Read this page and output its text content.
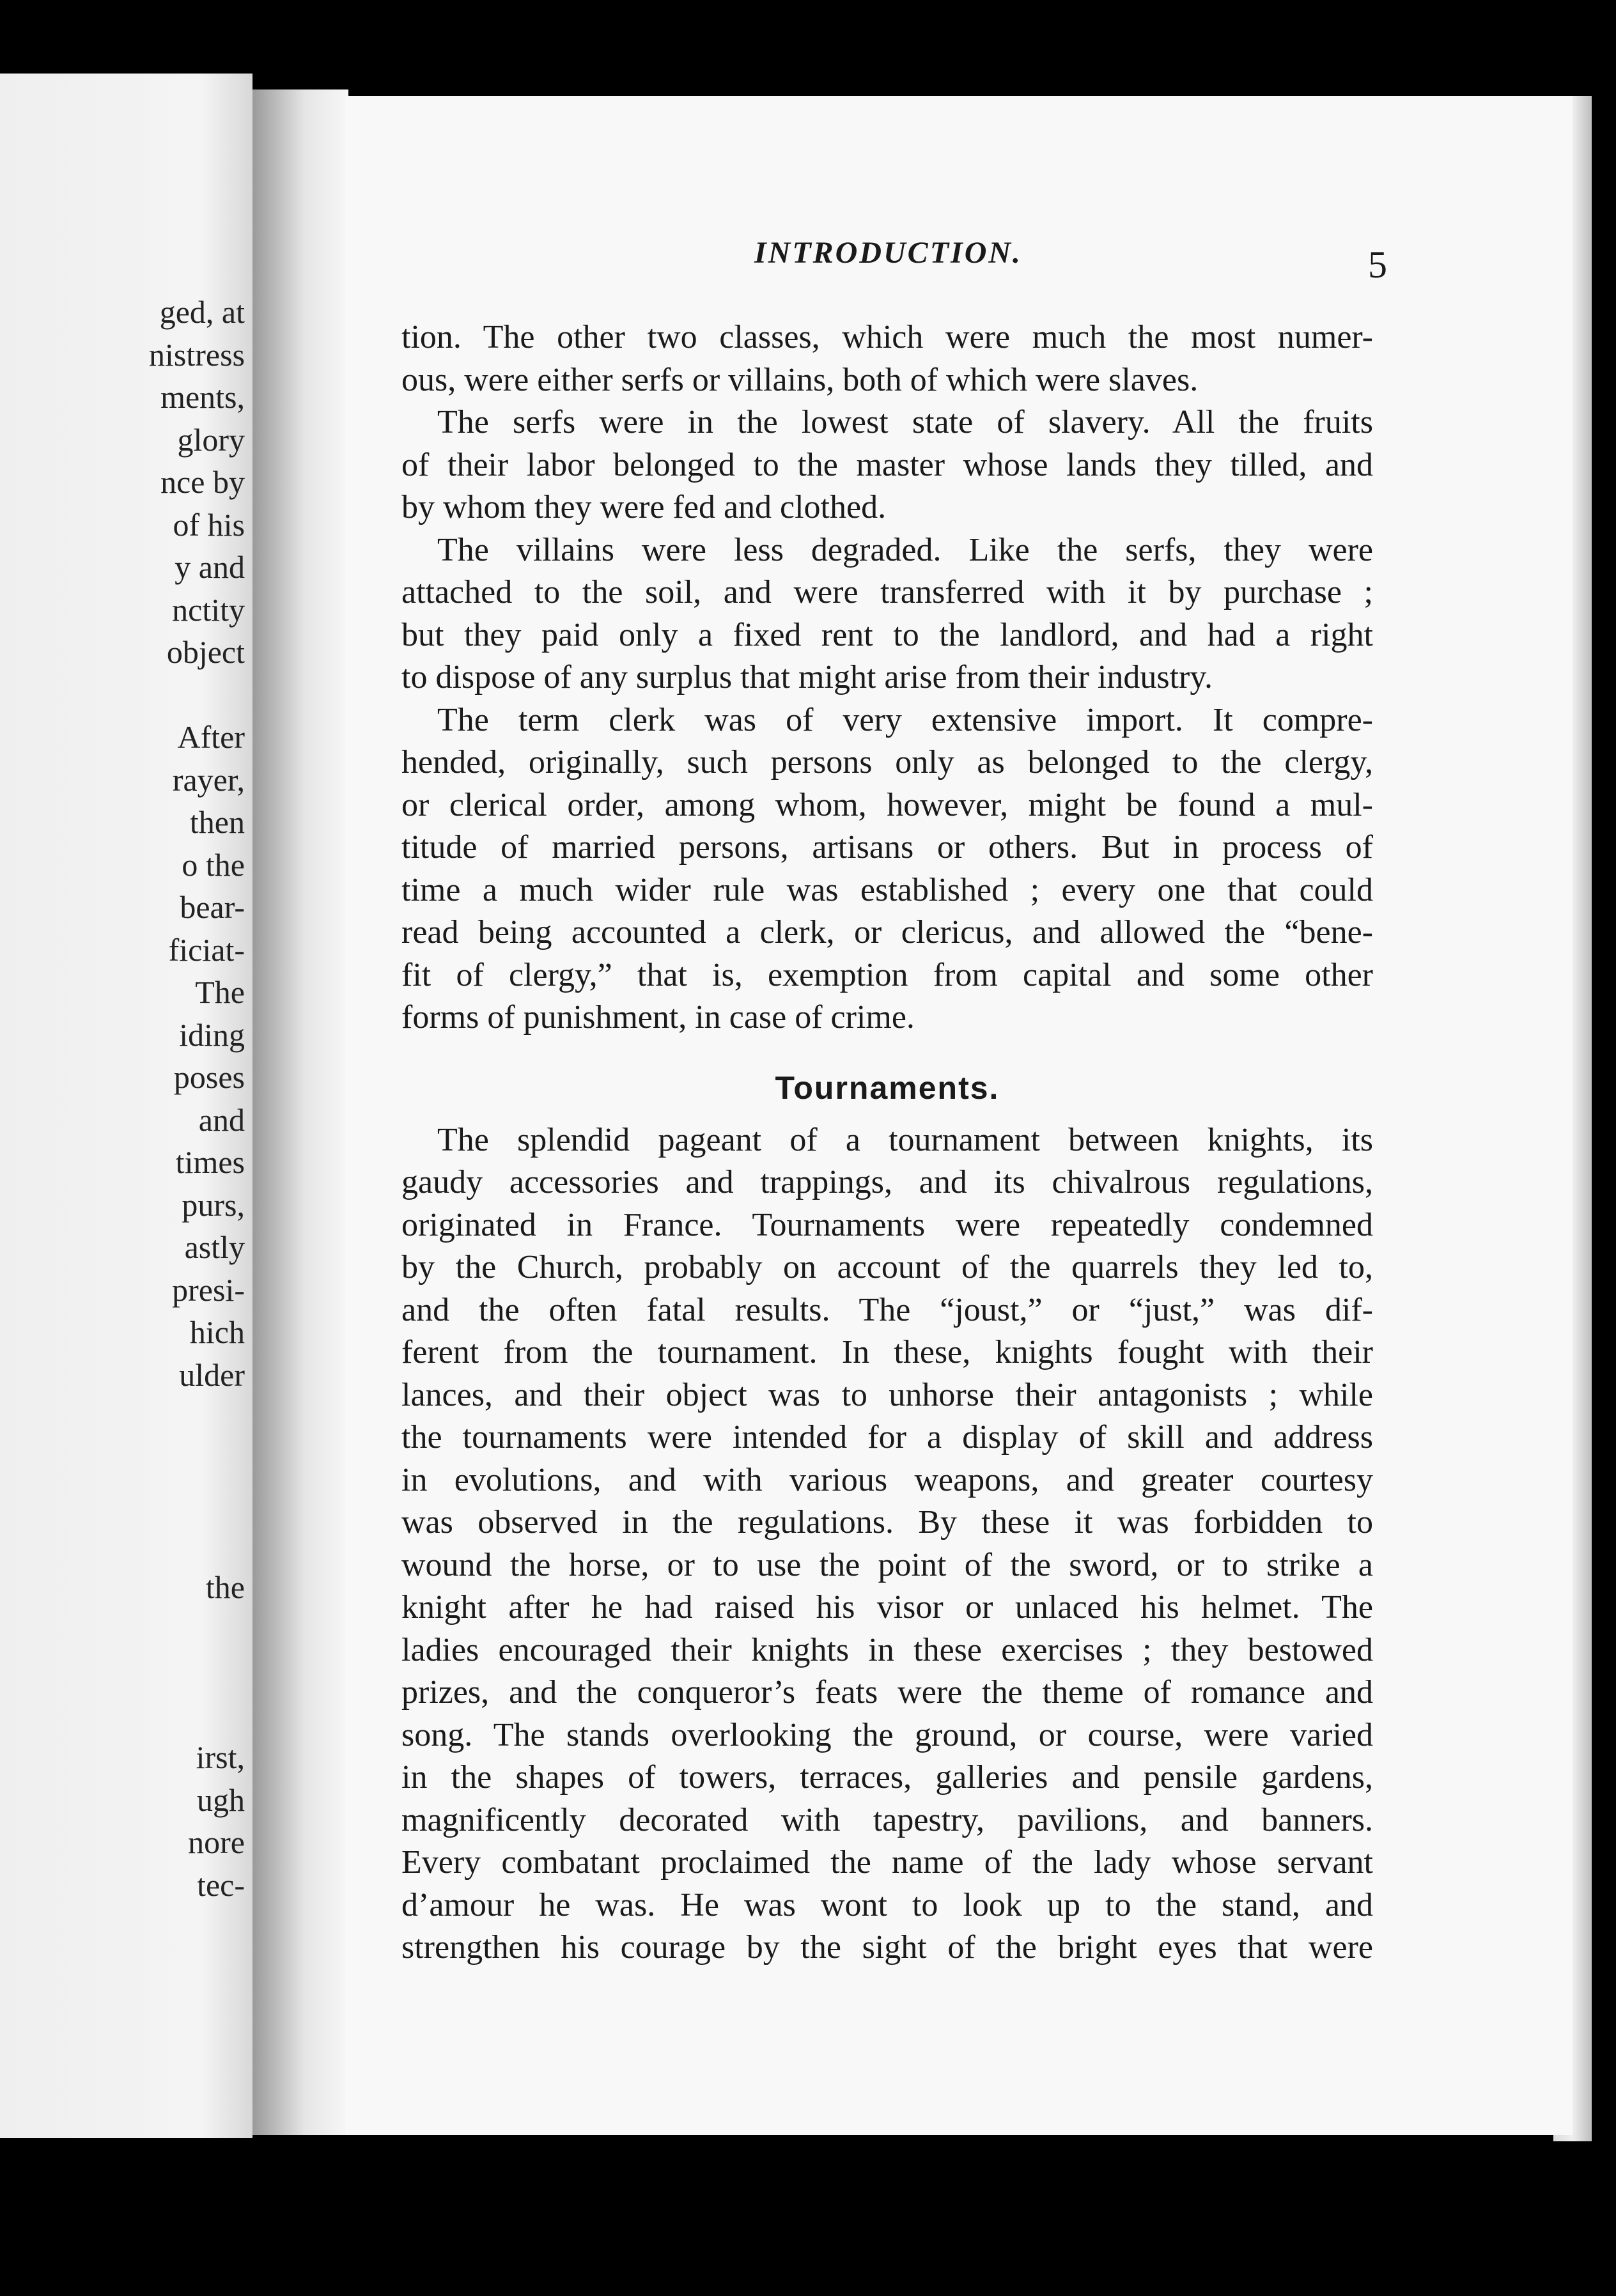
ged, at
nistress
ments,
glory
nce by
of his
y and
nctity
object
After
rayer,
then
o the
bear-
ficiat-
The
iding
poses
and
times
purs,
astly
presi-
hich
ulder
the
irst,
ugh
nore
tec-
INTRODUCTION.	5
tion. The other two classes, which were much the most numer-
ous, were either serfs or villains, both of which were slaves.
The serfs were in the lowest state of slavery. All the fruits
of their labor belonged to the master whose lands they tilled, and
by whom they were fed and clothed.
The villains were less degraded. Like the serfs, they were
attached to the soil, and were transferred with it by purchase ;
but they paid only a fixed rent to the landlord, and had a right
to dispose of any surplus that might arise from their industry.
The term clerk was of very extensive import. It compre-
hended, originally, such persons only as belonged to the clergy,
or clerical order, among whom, however, might be found a mul-
titude of married persons, artisans or others. But in process of
time a much wider rule was established ; every one that could
read being accounted a clerk, or clericus, and allowed the “bene-
fit of clergy,” that is, exemption from capital and some other
forms of punishment, in case of crime.
Tournaments.
The splendid pageant of a tournament between knights, its
gaudy accessories and trappings, and its chivalrous regulations,
originated in France. Tournaments were repeatedly condemned
by the Church, probably on account of the quarrels they led to,
and the often fatal results. The “joust,” or “just,” was dif-
ferent from the tournament. In these, knights fought with their
lances, and their object was to unhorse their antagonists ; while
the tournaments were intended for a display of skill and address
in evolutions, and with various weapons, and greater courtesy
was observed in the regulations. By these it was forbidden to
wound the horse, or to use the point of the sword, or to strike a
knight after he had raised his visor or unlaced his helmet. The
ladies encouraged their knights in these exercises ; they bestowed
prizes, and the conqueror’s feats were the theme of romance and
song. The stands overlooking the ground, or course, were varied
in the shapes of towers, terraces, galleries and pensile gardens,
magnificently decorated with tapestry, pavilions, and banners.
Every combatant proclaimed the name of the lady whose servant
d’amour he was. He was wont to look up to the stand, and
strengthen his courage by the sight of the bright eyes that were
